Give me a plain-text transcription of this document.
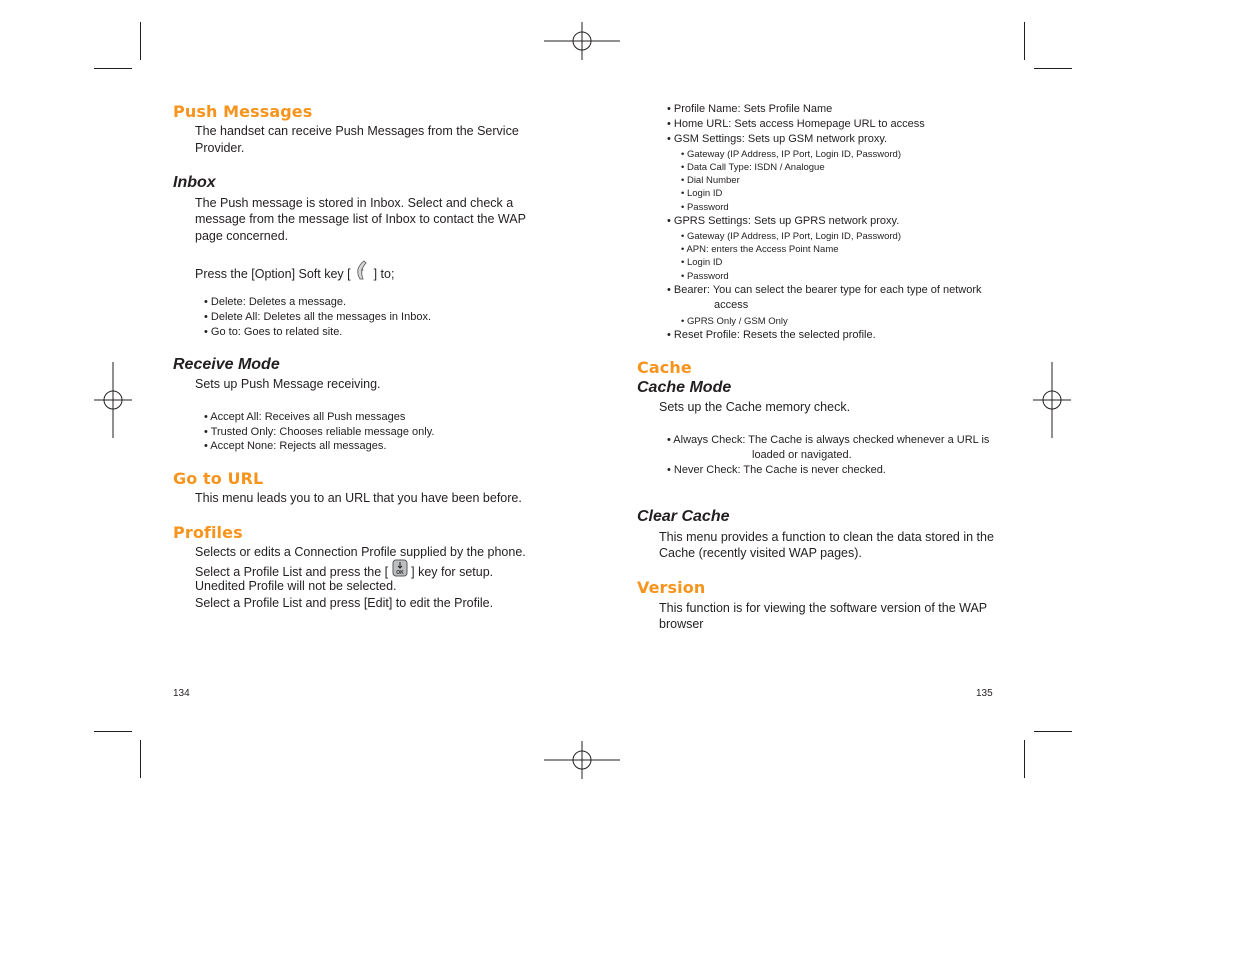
Push Messages
The handset can receive Push Messages from the Service
Provider.
Inbox
The Push message is stored in Inbox. Select and check a
message from the message list of Inbox to contact the WAP
page concerned.
Press the [Option] Soft key [ ] to;
• Delete: Deletes a message.
• Delete All: Deletes all the messages in Inbox.
• Go to: Goes to related site.
Receive Mode
Sets up Push Message receiving.
• Accept All: Receives all Push messages
• Trusted Only: Chooses reliable message only.
• Accept None: Rejects all messages.
Go to URL
This menu leads you to an URL that you have been before.
Profiles
Selects or edits a Connection Profile supplied by the phone.
Select a Profile List and press the [ OK ] key for setup.
Unedited Profile will not be selected.
Select a Profile List and press [Edit] to edit the Profile.
134
• Profile Name: Sets Profile Name
• Home URL: Sets access Homepage URL to access
• GSM Settings: Sets up GSM network proxy.
• Gateway (IP Address, IP Port, Login ID, Password)
• Data Call Type: ISDN / Analogue
• Dial Number
• Login ID
• Password
• GPRS Settings: Sets up GPRS network proxy.
• Gateway (IP Address, IP Port, Login ID, Password)
• APN: enters the Access Point Name
• Login ID
• Password
• Bearer: You can select the bearer type for each type of network
access
• GPRS Only / GSM Only
• Reset Profile: Resets the selected profile.
Cache
Cache Mode
Sets up the Cache memory check.
• Always Check: The Cache is always checked whenever a URL is
loaded or navigated.
• Never Check: The Cache is never checked.
Clear Cache
This menu provides a function to clean the data stored in the
Cache (recently visited WAP pages).
Version
This function is for viewing the software version of the WAP
browser
135
